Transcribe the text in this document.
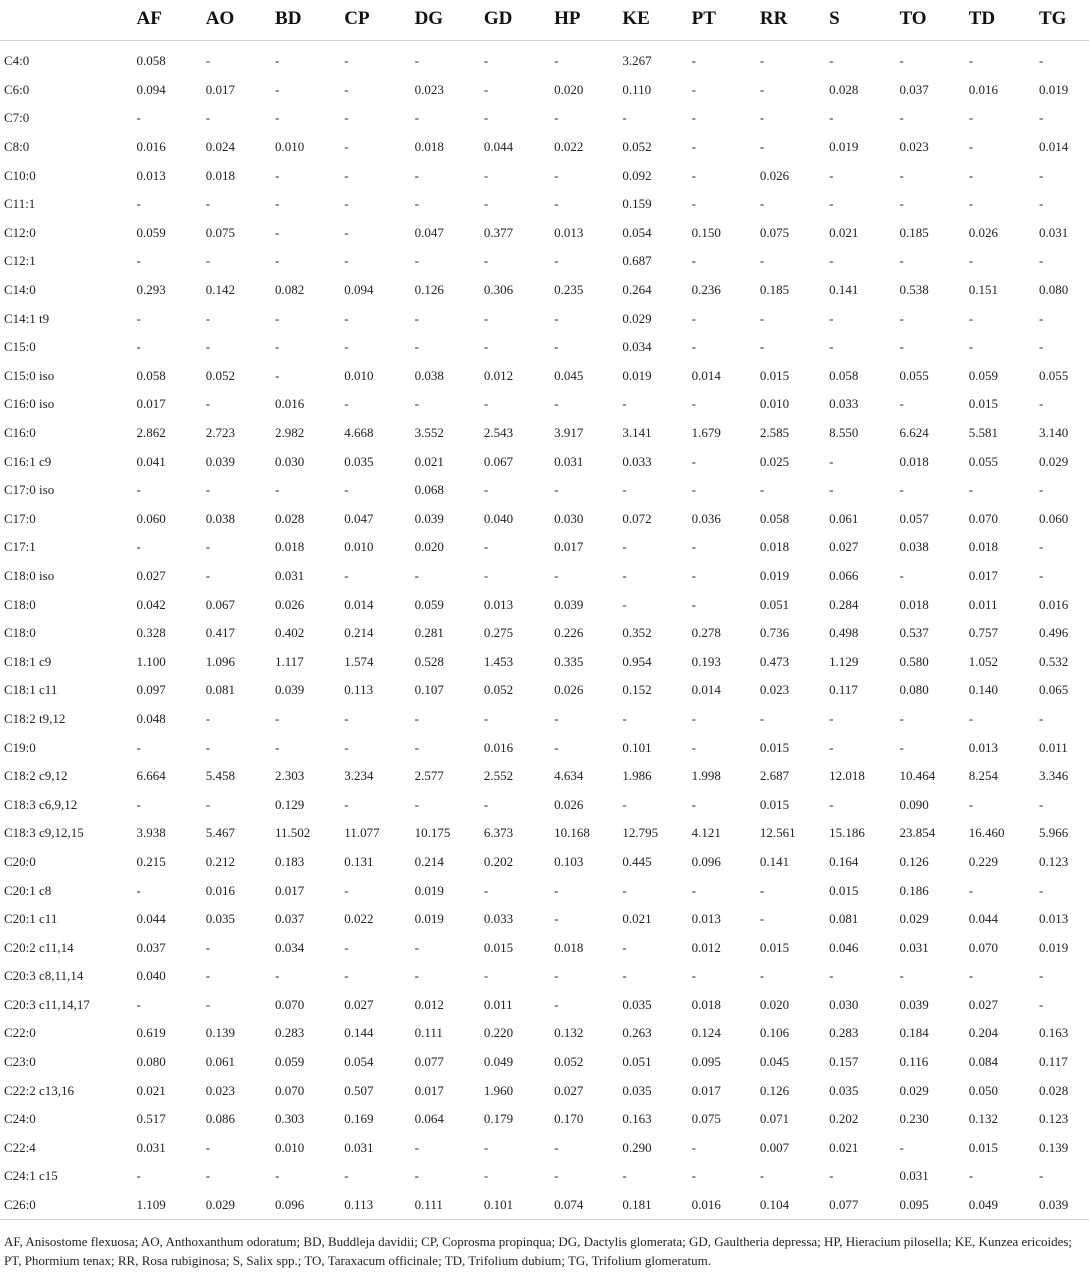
	AF	AO	BD	CP	DG	GD	HP	KE	PT	RR	S	TO	TD	TG
C4:0	0.058	-	-	-	-	-	-	3.267	-	-	-	-	-	-
C6:0	0.094	0.017	-	-	0.023	-	0.020	0.110	-	-	0.028	0.037	0.016	0.019
C7:0	-	-	-	-	-	-	-	-	-	-	-	-	-	-
C8:0	0.016	0.024	0.010	-	0.018	0.044	0.022	0.052	-	-	0.019	0.023	-	0.014
C10:0	0.013	0.018	-	-	-	-	-	0.092	-	0.026	-	-	-	-
C11:1	-	-	-	-	-	-	-	0.159	-	-	-	-	-	-
C12:0	0.059	0.075	-	-	0.047	0.377	0.013	0.054	0.150	0.075	0.021	0.185	0.026	0.031
C12:1	-	-	-	-	-	-	-	0.687	-	-	-	-	-	-
C14:0	0.293	0.142	0.082	0.094	0.126	0.306	0.235	0.264	0.236	0.185	0.141	0.538	0.151	0.080
C14:1 t9	-	-	-	-	-	-	-	0.029	-	-	-	-	-	-
C15:0	-	-	-	-	-	-	-	0.034	-	-	-	-	-	-
C15:0 iso	0.058	0.052	-	0.010	0.038	0.012	0.045	0.019	0.014	0.015	0.058	0.055	0.059	0.055
C16:0 iso	0.017	-	0.016	-	-	-	-	-	-	0.010	0.033	-	0.015	-
C16:0	2.862	2.723	2.982	4.668	3.552	2.543	3.917	3.141	1.679	2.585	8.550	6.624	5.581	3.140
C16:1 c9	0.041	0.039	0.030	0.035	0.021	0.067	0.031	0.033	-	0.025	-	0.018	0.055	0.029
C17:0 iso	-	-	-	-	0.068	-	-	-	-	-	-	-	-	-
C17:0	0.060	0.038	0.028	0.047	0.039	0.040	0.030	0.072	0.036	0.058	0.061	0.057	0.070	0.060
C17:1	-	-	0.018	0.010	0.020	-	0.017	-	-	0.018	0.027	0.038	0.018	-
C18:0 iso	0.027	-	0.031	-	-	-	-	-	-	0.019	0.066	-	0.017	-
C18:0	0.042	0.067	0.026	0.014	0.059	0.013	0.039	-	-	0.051	0.284	0.018	0.011	0.016
C18:0	0.328	0.417	0.402	0.214	0.281	0.275	0.226	0.352	0.278	0.736	0.498	0.537	0.757	0.496
C18:1 c9	1.100	1.096	1.117	1.574	0.528	1.453	0.335	0.954	0.193	0.473	1.129	0.580	1.052	0.532
C18:1 c11	0.097	0.081	0.039	0.113	0.107	0.052	0.026	0.152	0.014	0.023	0.117	0.080	0.140	0.065
C18:2 t9,12	0.048	-	-	-	-	-	-	-	-	-	-	-	-	-
C19:0	-	-	-	-	-	0.016	-	0.101	-	0.015	-	-	0.013	0.011
C18:2 c9,12	6.664	5.458	2.303	3.234	2.577	2.552	4.634	1.986	1.998	2.687	12.018	10.464	8.254	3.346
C18:3 c6,9,12	-	-	0.129	-	-	-	0.026	-	-	0.015	-	0.090	-	-
C18:3 c9,12,15	3.938	5.467	11.502	11.077	10.175	6.373	10.168	12.795	4.121	12.561	15.186	23.854	16.460	5.966
C20:0	0.215	0.212	0.183	0.131	0.214	0.202	0.103	0.445	0.096	0.141	0.164	0.126	0.229	0.123
C20:1 c8	-	0.016	0.017	-	0.019	-	-	-	-	-	0.015	0.186	-	-
C20:1 c11	0.044	0.035	0.037	0.022	0.019	0.033	-	0.021	0.013	-	0.081	0.029	0.044	0.013
C20:2 c11,14	0.037	-	0.034	-	-	0.015	0.018	-	0.012	0.015	0.046	0.031	0.070	0.019
C20:3 c8,11,14	0.040	-	-	-	-	-	-	-	-	-	-	-	-	-
C20:3 c11,14,17	-	-	0.070	0.027	0.012	0.011	-	0.035	0.018	0.020	0.030	0.039	0.027	-
C22:0	0.619	0.139	0.283	0.144	0.111	0.220	0.132	0.263	0.124	0.106	0.283	0.184	0.204	0.163
C23:0	0.080	0.061	0.059	0.054	0.077	0.049	0.052	0.051	0.095	0.045	0.157	0.116	0.084	0.117
C22:2 c13,16	0.021	0.023	0.070	0.507	0.017	1.960	0.027	0.035	0.017	0.126	0.035	0.029	0.050	0.028
C24:0	0.517	0.086	0.303	0.169	0.064	0.179	0.170	0.163	0.075	0.071	0.202	0.230	0.132	0.123
C22:4	0.031	-	0.010	0.031	-	-	-	0.290	-	0.007	0.021	-	0.015	0.139
C24:1 c15	-	-	-	-	-	-	-	-	-	-	-	0.031	-	-
C26:0	1.109	0.029	0.096	0.113	0.111	0.101	0.074	0.181	0.016	0.104	0.077	0.095	0.049	0.039
AF, Anisostome flexuosa; AO, Anthoxanthum odoratum; BD, Buddleja davidii; CP, Coprosma propinqua; DG, Dactylis glomerata; GD, Gaultheria depressa; HP, Hieracium pilosella; KE, Kunzea ericoides; PT, Phormium tenax; RR, Rosa rubiginosa; S, Salix spp.; TO, Taraxacum officinale; TD, Trifolium dubium; TG, Trifolium glomeratum.
